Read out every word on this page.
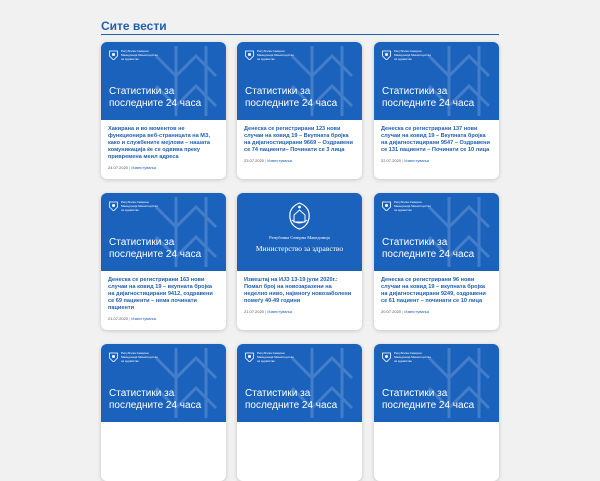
Сите вести
Република Северна Македонија Министерство за здравство
Статистики за последните 24 часа
Хакирана и во моментов не функционира веб-страницата на МЗ, како и службените мејлови – нашата комуникација ќе се одвива преку привремена меил адреса
24.07.2020 | Известувања
Република Северна Македонија Министерство за здравство
Статистики за последните 24 часа
Денеска се регистрирани 123 нови случаи на ковид 19 – Вкупната бројка на дијагностицирани 9669 – Оздравени се 74 пациенти– Починати се 3 лица
23.07.2020 | Известувања
Република Северна Македонија Министерство за здравство
Статистики за последните 24 часа
Денеска се регистрирани 137 нови случаи на ковид 19 – Вкупната бројка на дијагностицирани 9547 – Оздравени се 131 пациенти – Починати се 10 лица
22.07.2020 | Известувања
Република Северна Македонија Министерство за здравство
Статистики за последните 24 часа
Денеска се регистрирани 163 нови случаи на ковид 19 – вкупната бројка на дијагностицирани 9412, оздравени се 69 пациенти – нема починати пациенти
21.07.2020 | Известувања
Република Северна Македонија
Министерство за здравство
Извештај на ИЈЗ 13-19 јули 2020г.: Помал број на новозаразени на неделно ниво, најмногу новозаболени помеѓу 40-49 години
21.07.2020 | Известувања
Република Северна Македонија Министерство за здравство
Статистики за последните 24 часа
Денеска се регистрирани 96 нови случаи на ковид 19 – вкупната бројка на дијагностицирани 9249, оздравени се 61 пациент – починати се 10 лица
20.07.2020 | Известувања
Република Северна Македонија Министерство за здравство
Статистики за последните 24 часа
Република Северна Македонија Министерство за здравство
Статистики за последните 24 часа
Република Северна Македонија Министерство за здравство
Статистики за последните 24 часа
